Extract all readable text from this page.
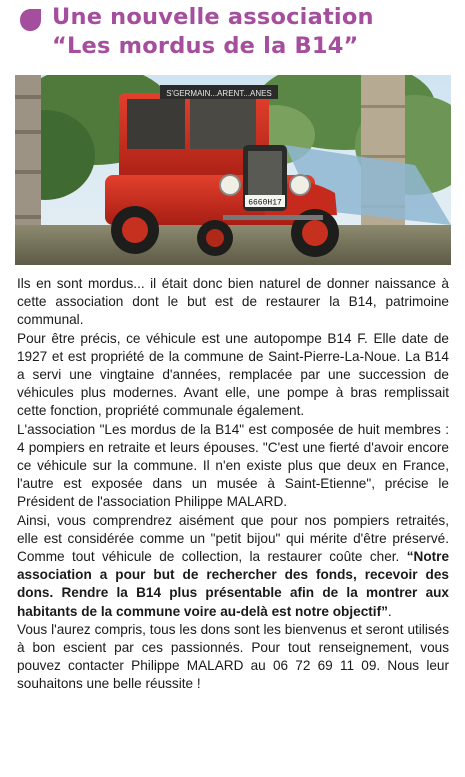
Une nouvelle association
“Les mordus de la B14”
S'GERMAIN...ARENT...ANES
6660H17

Ils en sont mordus... il était donc bien naturel de donner naissance à cette association dont le but est de restaurer la B14, patrimoine communal.

Pour être précis, ce véhicule est une autopompe B14 F. Elle date de 1927 et est propriété de la commune de Saint-Pierre-La-Noue. La B14 a servi une vingtaine d'années, remplacée par une succession de véhicules plus modernes. Avant elle, une pompe à bras remplissait cette fonction, propriété communale également.

L'association "Les mordus de la B14" est composée de huit membres : 4 pompiers en retraite et leurs épouses. "C'est une fierté d'avoir encore ce véhicule sur la commune. Il n'en existe plus que deux en France, l'autre est exposée dans un musée à Saint-Etienne", précise le Président de l'association Philippe MALARD.

Ainsi, vous comprendrez aisément que pour nos pompiers retraités, elle est considérée comme un "petit bijou" qui mérite d'être préservé. Comme tout véhicule de collection, la restaurer coûte cher. “Notre association a pour but de rechercher des fonds, recevoir des dons. Rendre la B14 plus présentable afin de la montrer aux habitants de la commune voire au-delà est notre objectif”.

Vous l'aurez compris, tous les dons sont les bienvenus et seront utilisés à bon escient par ces passionnés. Pour tout renseignement, vous pouvez contacter Philippe MALARD au 06 72 69 11 09. Nous leur souhaitons une belle réussite !
